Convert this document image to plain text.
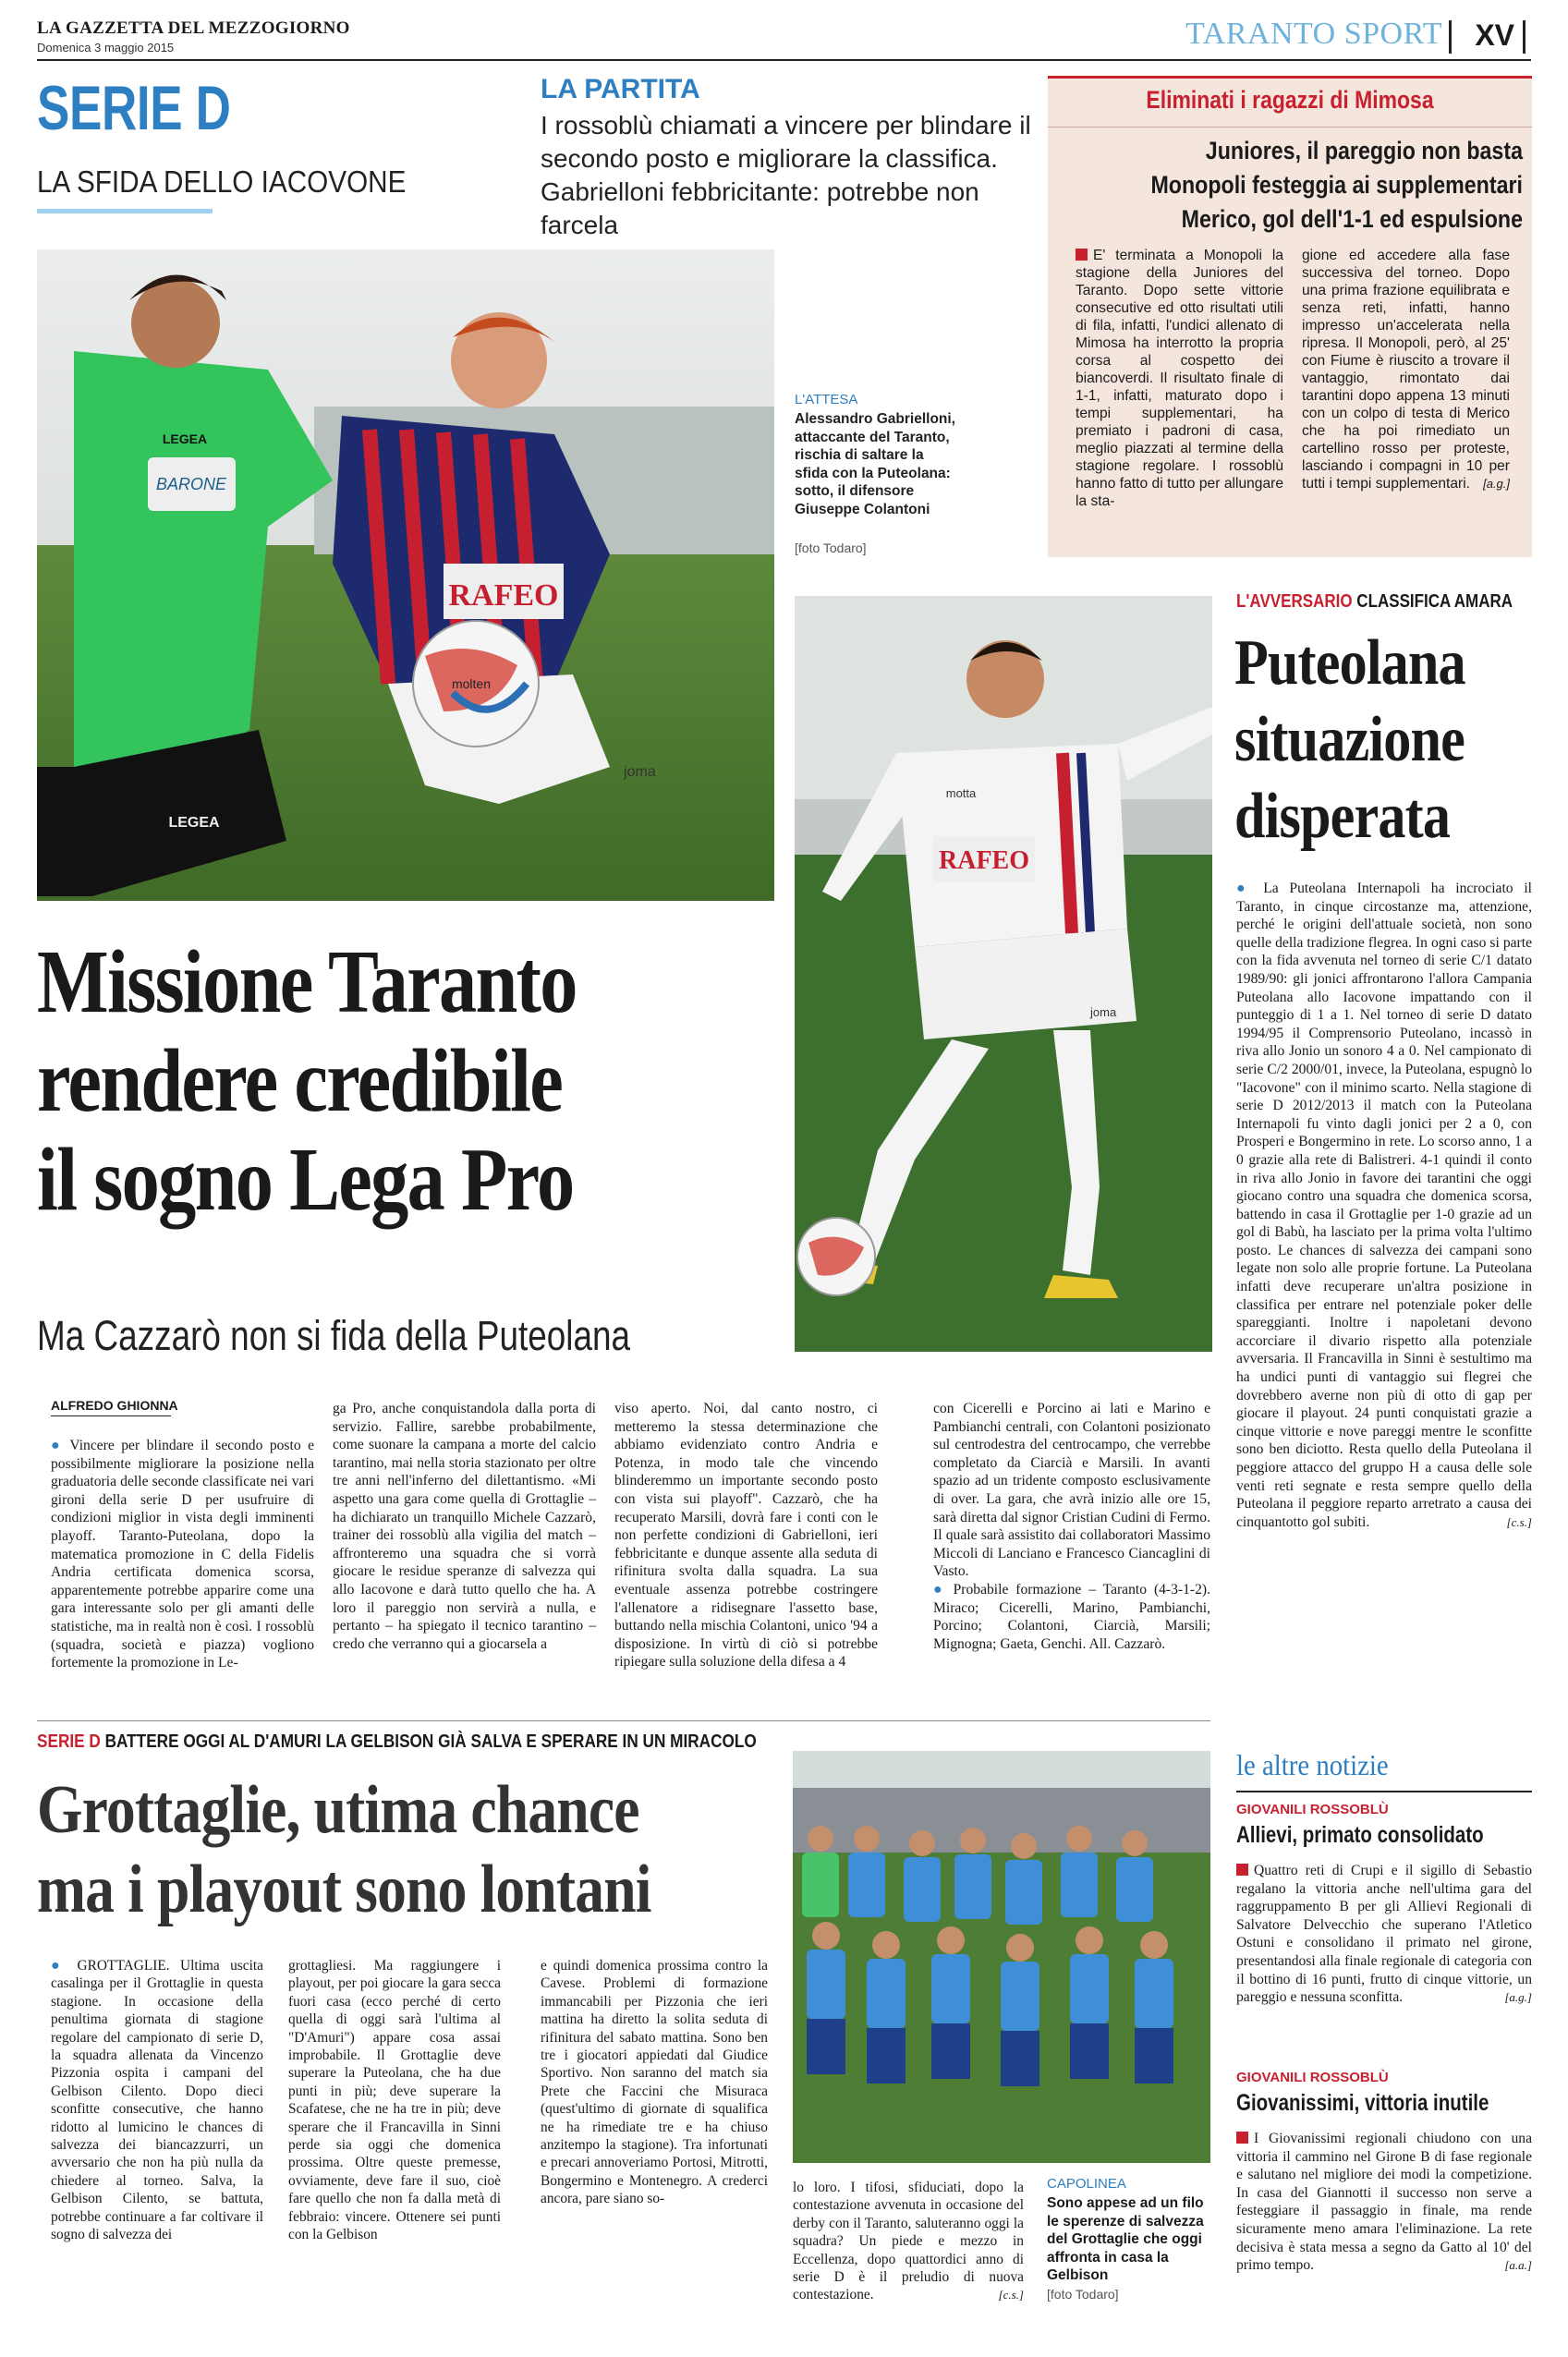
LA GAZZETTA DEL MEZZOGIORNO
Domenica 3 maggio 2015	TARANTO SPORT XV
SERIE D
LA SFIDA DELLO IACOVONE
LA PARTITA
I rossoblù chiamati a vincere per blindare il secondo posto e migliorare la classifica. Gabrielloni febbricitante: potrebbe non farcela
Eliminati i ragazzi di Mimosa
Juniores, il pareggio non basta
Monopoli festeggia ai supplementari
Merico, gol dell'1-1 ed espulsione
E' terminata a Monopoli la stagione della Juniores del Taranto. Dopo sette vittorie consecutive ed otto risultati utili di fila, infatti, l'undici allenato di Mimosa ha interrotto la propria corsa al cospetto dei biancoverdi. Il risultato finale di 1-1, infatti, maturato dopo i tempi supplementari, ha premiato i padroni di casa, meglio piazzati al termine della stagione regolare. I rossoblù hanno fatto di tutto per allungare la sta-
gione ed accedere alla fase successiva del torneo. Dopo una prima frazione equilibrata e senza reti, infatti, hanno impresso un'accelerata nella ripresa. Il Monopoli, però, al 25' con Fiume è riuscito a trovare il vantaggio, rimontato dai tarantini dopo appena 13 minuti con un colpo di testa di Merico che ha poi rimediato un cartellino rosso per proteste, lasciando i compagni in 10 per tutti i tempi supplementari. [a.g.]
BARONE
LEGEA
LEGEA
RAFEO
joma
molten
L'ATTESA
Alessandro Gabrielloni, attaccante del Taranto, rischia di saltare la sfida con la Puteolana: sotto, il difensore Giuseppe Colantoni
[foto Todaro]
RAFEO
motta
joma
Missione Taranto
rendere credibile
il sogno Lega Pro
Ma Cazzarò non si fida della Puteolana
ALFREDO GHIONNA
● Vincere per blindare il secondo posto e possibilmente migliorare la posizione nella graduatoria delle seconde classificate nei vari gironi della serie D per usufruire di condizioni miglior in vista degli imminenti playoff. Taranto-Puteolana, dopo la matematica promozione in C della Fidelis Andria certificata domenica scorsa, apparentemente potrebbe apparire come una gara interessante solo per gli amanti delle statistiche, ma in realtà non è così. I rossoblù (squadra, società e piazza) vogliono fortemente la promozione in Le-
ga Pro, anche conquistandola dalla porta di servizio. Fallire, sarebbe probabilmente, come suonare la campana a morte del calcio tarantino, mai nella storia stazionato per oltre tre anni nell'inferno del dilettantismo. «Mi aspetto una gara come quella di Grottaglie – ha dichiarato un tranquillo Michele Cazzarò, trainer dei rossoblù alla vigilia del match – affronteremo una squadra che si vorrà giocare le residue speranze di salvezza qui allo Iacovone e darà tutto quello che ha. A loro il pareggio non servirà a nulla, e pertanto – ha spiegato il tecnico tarantino – credo che verranno qui a giocarsela a
viso aperto. Noi, dal canto nostro, ci metteremo la stessa determinazione che abbiamo evidenziato contro Andria e Potenza, in modo tale che vincendo blinderemmo un importante secondo posto con vista sui playoff". Cazzarò, che ha recuperato Marsili, dovrà fare i conti con le non perfette condizioni di Gabrielloni, ieri febbricitante e dunque assente alla seduta di rifinitura svolta dalla squadra. La sua eventuale assenza potrebbe costringere l'allenatore a ridisegnare l'assetto base, buttando nella mischia Colantoni, unico '94 a disposizione. In virtù di ciò si potrebbe ripiegare sulla soluzione della difesa a 4
con Cicerelli e Porcino ai lati e Marino e Pambianchi centrali, con Colantoni posizionato sul centrodestra del centrocampo, che verrebbe completato da Ciarcià e Marsili. In avanti spazio ad un tridente composto esclusivamente di over. La gara, che avrà inizio alle ore 15, sarà diretta dal signor Cristian Cudini di Fermo. Il quale sarà assistito dai collaboratori Massimo Miccoli di Lanciano e Francesco Ciancaglini di Vasto.
● Probabile formazione – Taranto (4-3-1-2). Miraco; Cicerelli, Marino, Pambianchi, Porcino; Colantoni, Ciarcià, Marsili; Mignogna; Gaeta, Genchi. All. Cazzarò.
L'AVVERSARIO CLASSIFICA AMARA
Puteolana
situazione
disperata
● La Puteolana Internapoli ha incrociato il Taranto, in cinque circostanze ma, attenzione, perché le origini dell'attuale società, non sono quelle della tradizione flegrea. In ogni caso si parte con la fida avvenuta nel torneo di serie C/1 datato 1989/90: gli jonici affrontarono l'allora Campania Puteolana allo Iacovone impattando con il punteggio di 1 a 1. Nel torneo di serie D datato 1994/95 il Comprensorio Puteolano, incassò in riva allo Jonio un sonoro 4 a 0. Nel campionato di serie C/2 2000/01, invece, la Puteolana, espugnò lo "Iacovone" con il minimo scarto. Nella stagione di serie D 2012/2013 il match con la Puteolana Internapoli fu vinto dagli jonici per 2 a 0, con Prosperi e Bongermino in rete. Lo scorso anno, 1 a 0 grazie alla rete di Balistreri. 4-1 quindi il conto in riva allo Jonio in favore dei tarantini che oggi giocano contro una squadra che domenica scorsa, battendo in casa il Grottaglie per 1-0 grazie ad un gol di Babù, ha lasciato per la prima volta l'ultimo posto. Le chances di salvezza dei campani sono legate non solo alle proprie fortune. La Puteolana infatti deve recuperare un'altra posizione in classifica per entrare nel potenziale poker delle spareggianti. Inoltre i napoletani devono accorciare il divario rispetto alla potenziale avversaria. Il Francavilla in Sinni è sestultimo ma ha undici punti di vantaggio sui flegrei che dovrebbero averne non più di otto di gap per giocare il playout. 24 punti conquistati grazie a cinque vittorie e nove pareggi mentre le sconfitte sono ben diciotto. Resta quello della Puteolana il peggiore attacco del gruppo H a causa delle sole venti reti segnate e resta sempre quello della Puteolana il peggiore reparto arretrato a causa dei cinquantotto gol subiti.	[c.s.]
SERIE D BATTERE OGGI AL D'AMURI LA GELBISON GIÀ SALVA E SPERARE IN UN MIRACOLO
Grottaglie, utima chance
ma i playout sono lontani
● GROTTAGLIE. Ultima uscita casalinga per il Grottaglie in questa stagione. In occasione della penultima giornata di stagione regolare del campionato di serie D, la squadra allenata da Vincenzo Pizzonia ospita i campani del Gelbison Cilento. Dopo dieci sconfitte consecutive, che hanno ridotto al lumicino le chances di salvezza dei biancazzurri, un avversario che non ha più nulla da chiedere al torneo. Salva, la Gelbison Cilento, se battuta, potrebbe continuare a far coltivare il sogno di salvezza dei
grottagliesi. Ma raggiungere i playout, per poi giocare la gara secca fuori casa (ecco perché di certo quella di oggi sarà l'ultima al "D'Amuri") appare cosa assai improbabile. Il Grottaglie deve superare la Puteolana, che ha due punti in più; deve superare la Scafatese, che ne ha tre in più; deve sperare che il Francavilla in Sinni perde sia oggi che domenica prossima. Oltre queste premesse, ovviamente, deve fare il suo, cioè fare quello che non fa dalla metà di febbraio: vincere. Ottenere sei punti con la Gelbison
e quindi domenica prossima contro la Cavese. Problemi di formazione immancabili per Pizzonia che ieri mattina ha diretto la solita seduta di rifinitura del sabato mattina. Sono ben tre i giocatori appiedati dal Giudice Sportivo. Non saranno del match sia Prete che Faccini che Misuraca (quest'ultimo di giornate di squalifica ne ha rimediate tre e ha chiuso anzitempo la stagione). Tra infortunati e precari annoveriamo Portosi, Mitrotti, Bongermino e Montenegro. A crederci ancora, pare siano so-
lo loro. I tifosi, sfiduciati, dopo la contestazione avvenuta in occasione del derby con il Taranto, saluteranno oggi la squadra? Un piede e mezzo in Eccellenza, dopo quattordici anno di serie D è il preludio di nuova contestazione.	[c.s.]
CAPOLINEA
Sono appese ad un filo le sperenze di salvezza del Grottaglie che oggi affronta in casa la Gelbison
[foto Todaro]
le altre notizie
GIOVANILI ROSSOBLÙ
Allievi, primato consolidato
Quattro reti di Crupi e il sigillo di Sebastio regalano la vittoria anche nell'ultima gara del raggruppamento B per gli Allievi Regionali di Salvatore Delvecchio che superano l'Atletico Ostuni e consolidano il primato nel girone, presentandosi alla finale regionale di categoria con il bottino di 16 punti, frutto di cinque vittorie, un pareggio e nessuna sconfitta.	[a.g.]
GIOVANILI ROSSOBLÙ
Giovanissimi, vittoria inutile
I Giovanissimi regionali chiudono con una vittoria il cammino nel Girone B di fase regionale e salutano nel migliore dei modi la competizione. In casa del Giannotti il successo non serve a festeggiare il passaggio in finale, ma rende sicuramente meno amara l'eliminazione. La rete decisiva è stata messa a segno da Gatto al 10' del primo tempo.	[a.a.]
